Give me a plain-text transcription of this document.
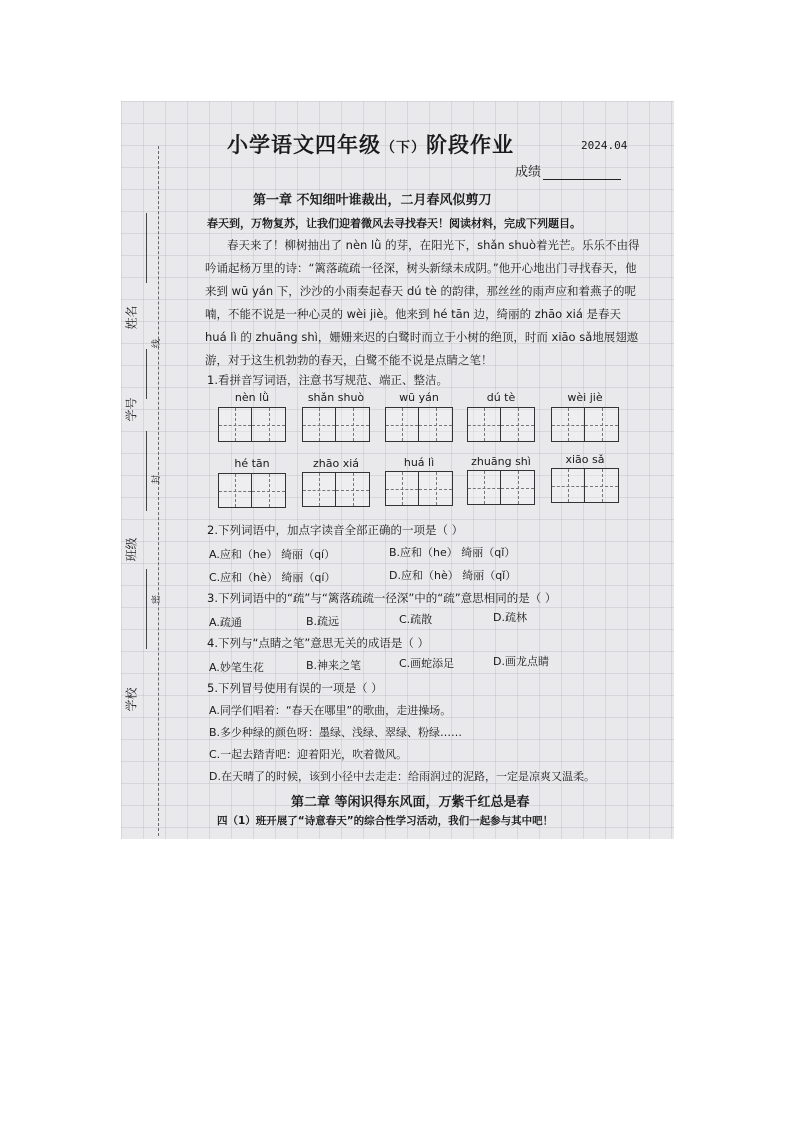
姓名
学号
线
班级
封
学校
密
小学语文四年级（下）阶段作业	2024.04
成绩
第一章 不知细叶谁裁出，二月春风似剪刀
春天到，万物复苏，让我们迎着微风去寻找春天！阅读材料，完成下列题目。
春天来了！柳树抽出了 nèn lǜ 的芽，在阳光下，shǎn shuò着光芒。乐乐不由得吟诵起杨万里的诗：“篱落疏疏一径深，树头新绿未成阴。”他开心地出门寻找春天，他来到 wū yán 下，沙沙的小雨奏起春天 dú tè 的韵律，那丝丝的雨声应和着燕子的呢喃，不能不说是一种心灵的 wèi jiè。他来到 hé tān 边，绮丽的 zhāo xiá 是春天 huá lì 的 zhuāng shì，姗姗来迟的白鹭时而立于小树的绝顶，时而 xiāo sǎ地展翅遨游，对于这生机勃勃的春天，白鹭不能不说是点睛之笔！
1.看拼音写词语，注意书写规范、端正、整洁。
nèn lǜ	shǎn shuò	wū yán	dú tè	wèi jiè
hé tān	zhāo xiá	huá lì	zhuāng shì	xiāo sǎ
2.下列词语中，加点字读音全部正确的一项是（ ）
A.应和（he） 绮丽（qí）	B.应和（he） 绮丽（qǐ）
C.应和（hè） 绮丽（qí）	D.应和（hè） 绮丽（qǐ）
3.下列词语中的“疏”与“篱落疏疏一径深”中的“疏”意思相同的是（ ）
A.疏通	B.疏远	C.疏散	D.疏林
4.下列与“点睛之笔”意思无关的成语是（ ）
A.妙笔生花	B.神来之笔	C.画蛇添足	D.画龙点睛
5.下列冒号使用有误的一项是（ ）
A.同学们唱着：“春天在哪里”的歌曲，走进操场。
B.多少种绿的颜色呀：墨绿、浅绿、翠绿、粉绿……
C.一起去踏青吧：迎着阳光，吹着微风。
D.在天晴了的时候，该到小径中去走走：给雨润过的泥路，一定是凉爽又温柔。
第二章 等闲识得东风面，万紫千红总是春
四（1）班开展了“诗意春天”的综合性学习活动，我们一起参与其中吧！
